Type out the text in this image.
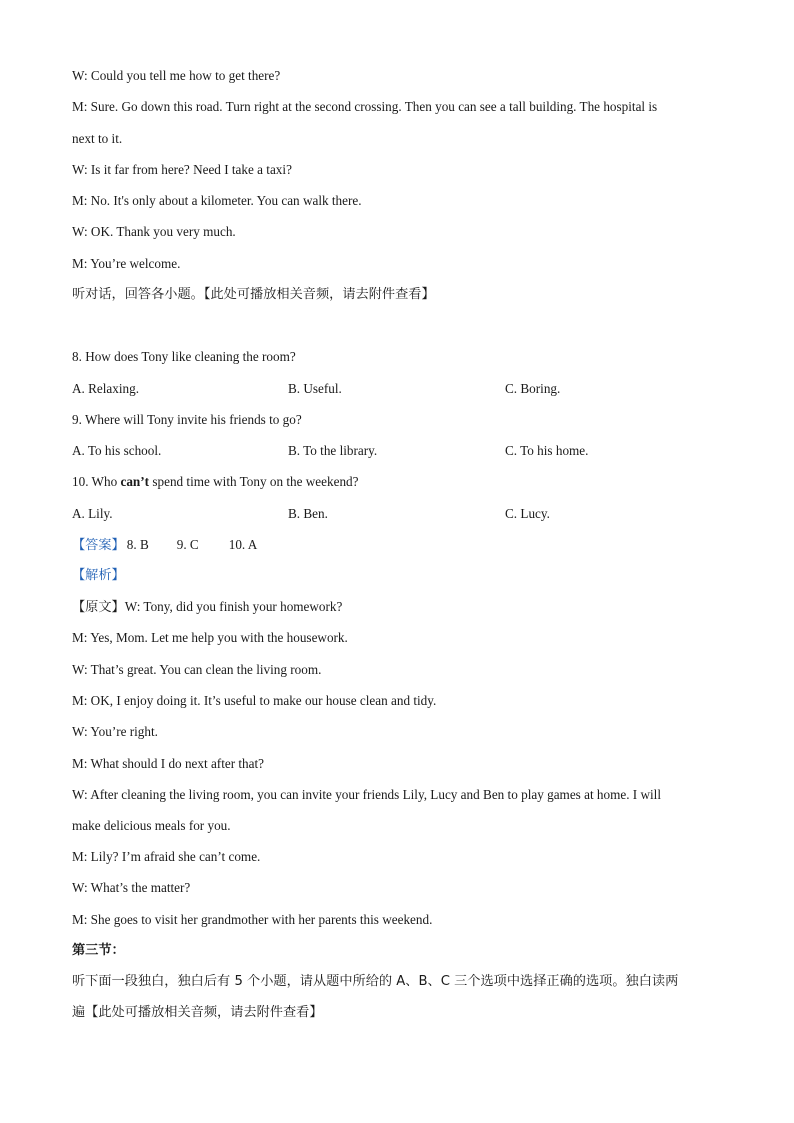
W: Could you tell me how to get there?
M: Sure. Go down this road. Turn right at the second crossing. Then you can see a tall building. The hospital is
next to it.
W: Is it far from here? Need I take a taxi?
M: No. It's only about a kilometer. You can walk there.
W: OK. Thank you very much.
M: You’re welcome.
听对话，回答各小题。【此处可播放相关音频，请去附件查看】
8. How does Tony like cleaning the room?
A. Relaxing.	B. Useful.	C. Boring.
9. Where will Tony invite his friends to go?
A. To his school.	B. To the library.	C. To his home.
10. Who can’t spend time with Tony on the weekend?
A. Lily.	B. Ben.	C. Lucy.
【答案】 8. B 9. C 10. A
【解析】
【原文】W: Tony, did you finish your homework?
M: Yes, Mom. Let me help you with the housework.
W: That’s great. You can clean the living room.
M: OK, I enjoy doing it. It’s useful to make our house clean and tidy.
W: You’re right.
M: What should I do next after that?
W: After cleaning the living room, you can invite your friends Lily, Lucy and Ben to play games at home. I will
make delicious meals for you.
M: Lily? I’m afraid she can’t come.
W: What’s the matter?
M: She goes to visit her grandmother with her parents this weekend.
第三节：
听下面一段独白，独白后有 5 个小题，请从题中所给的 A、B、C 三个选项中选择正确的选项。独白读两
遍【此处可播放相关音频，请去附件查看】
